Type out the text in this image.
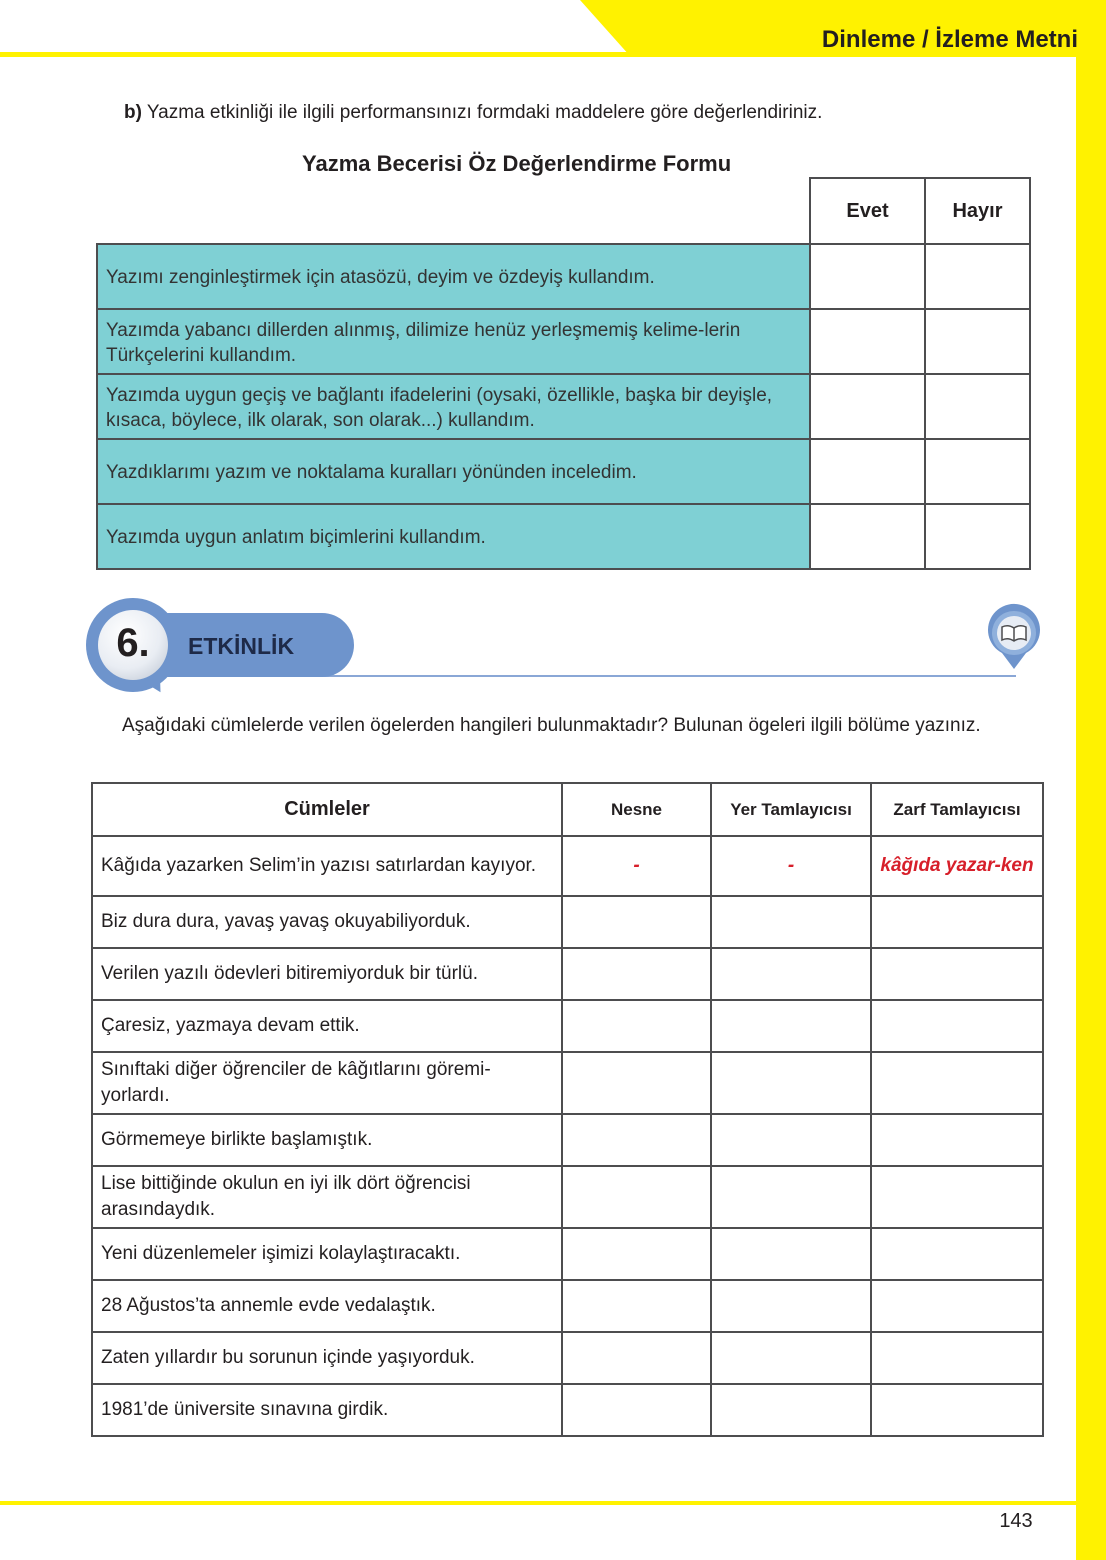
Dinleme / İzleme Metni
b) Yazma etkinliği ile ilgili performansınızı formdaki maddelere göre değerlendiriniz.
Yazma Becerisi Öz Değerlendirme Formu
	Evet	Hayır
Yazımı zenginleştirmek için atasözü, deyim ve özdeyiş kullandım.		
Yazımda yabancı dillerden alınmış, dilimize henüz yerleşmemiş kelime-lerin Türkçelerini kullandım.		
Yazımda uygun geçiş ve bağlantı ifadelerini (oysaki, özellikle, başka bir deyişle, kısaca, böylece, ilk olarak, son olarak...) kullandım.		
Yazdıklarımı yazım ve noktalama kuralları yönünden inceledim.		
Yazımda uygun anlatım biçimlerini kullandım.		
ETKİNLİK
6.
Aşağıdaki cümlelerde verilen ögelerden hangileri bulunmaktadır? Bulunan ögeleri ilgili bölüme yazınız.
Cümleler	Nesne	Yer Tamlayıcısı	Zarf Tamlayıcısı
Kâğıda yazarken Selim’in yazısı satırlardan kayıyor.	-	-	kâğıda yazar-ken
Biz dura dura, yavaş yavaş okuyabiliyorduk.			
Verilen yazılı ödevleri bitiremiyorduk bir türlü.			
Çaresiz, yazmaya devam ettik.			
Sınıftaki diğer öğrenciler de kâğıtlarını göremi-yorlardı.			
Görmemeye birlikte başlamıştık.			
Lise bittiğinde okulun en iyi ilk dört öğrencisi arasındaydık.			
Yeni düzenlemeler işimizi kolaylaştıracaktı.			
28 Ağustos’ta annemle evde vedalaştık.			
Zaten yıllardır bu sorunun içinde yaşıyorduk.			
1981’de üniversite sınavına girdik.			
143
